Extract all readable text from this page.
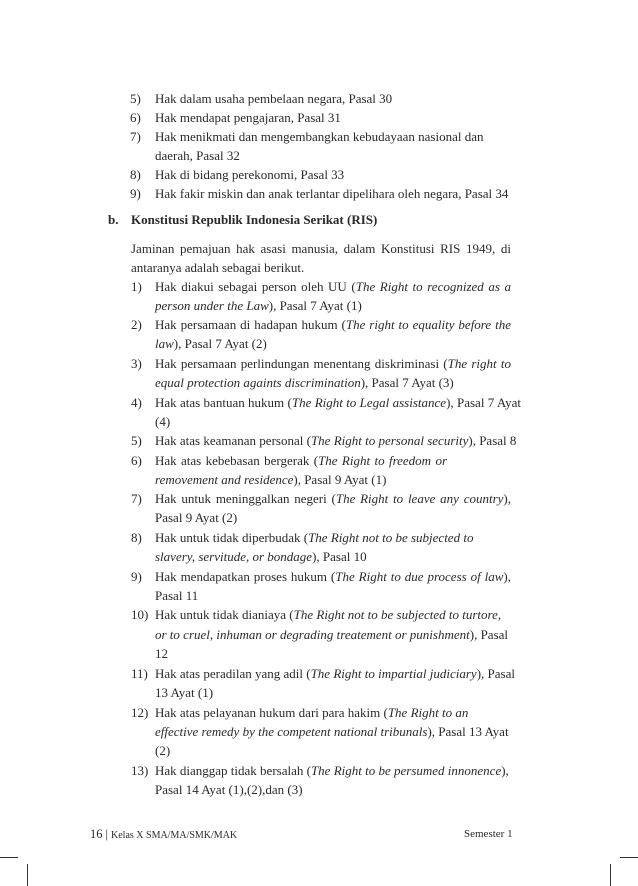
5) Hak dalam usaha pembelaan negara, Pasal 30
6) Hak mendapat pengajaran, Pasal 31
7) Hak menikmati dan mengembangkan kebudayaan nasional dan
daerah, Pasal 32
8) Hak di bidang perekonomi, Pasal 33
9) Hak fakir miskin dan anak terlantar dipelihara oleh negara, Pasal 34
b. Konstitusi Republik Indonesia Serikat (RIS)
Jaminan pemajuan hak asasi manusia, dalam Konstitusi RIS 1949, di
antaranya adalah sebagai berikut.
1) Hak diakui sebagai person oleh UU (The Right to recognized as a
person under the Law), Pasal 7 Ayat (1)
2) Hak persamaan di hadapan hukum (The right to equality before the
law), Pasal 7 Ayat (2)
3) Hak persamaan perlindungan menentang diskriminasi (The right to
equal protection againts discrimination), Pasal 7 Ayat (3)
4) Hak atas bantuan hukum (The Right to Legal assistance), Pasal 7 Ayat
(4)
5) Hak atas keamanan personal (The Right to personal security), Pasal 8
6) Hak atas kebebasan bergerak (The Right to freedom or
removement and residence), Pasal 9 Ayat (1)
7) Hak untuk meninggalkan negeri (The Right to leave any country),
Pasal 9 Ayat (2)
8) Hak untuk tidak diperbudak (The Right not to be subjected to
slavery, servitude, or bondage), Pasal 10
9) Hak mendapatkan proses hukum (The Right to due process of law),
Pasal 11
10) Hak untuk tidak dianiaya (The Right not to be subjected to turtore,
or to cruel, inhuman or degrading treatement or punishment), Pasal
12
11) Hak atas peradilan yang adil (The Right to impartial judiciary), Pasal
13 Ayat (1)
12) Hak atas pelayanan hukum dari para hakim (The Right to an
effective remedy by the competent national tribunals), Pasal 13 Ayat
(2)
13) Hak dianggap tidak bersalah (The Right to be persumed innonence),
Pasal 14 Ayat (1),(2),dan (3)
16 | Kelas X SMA/MA/SMK/MAK	Semester 1
